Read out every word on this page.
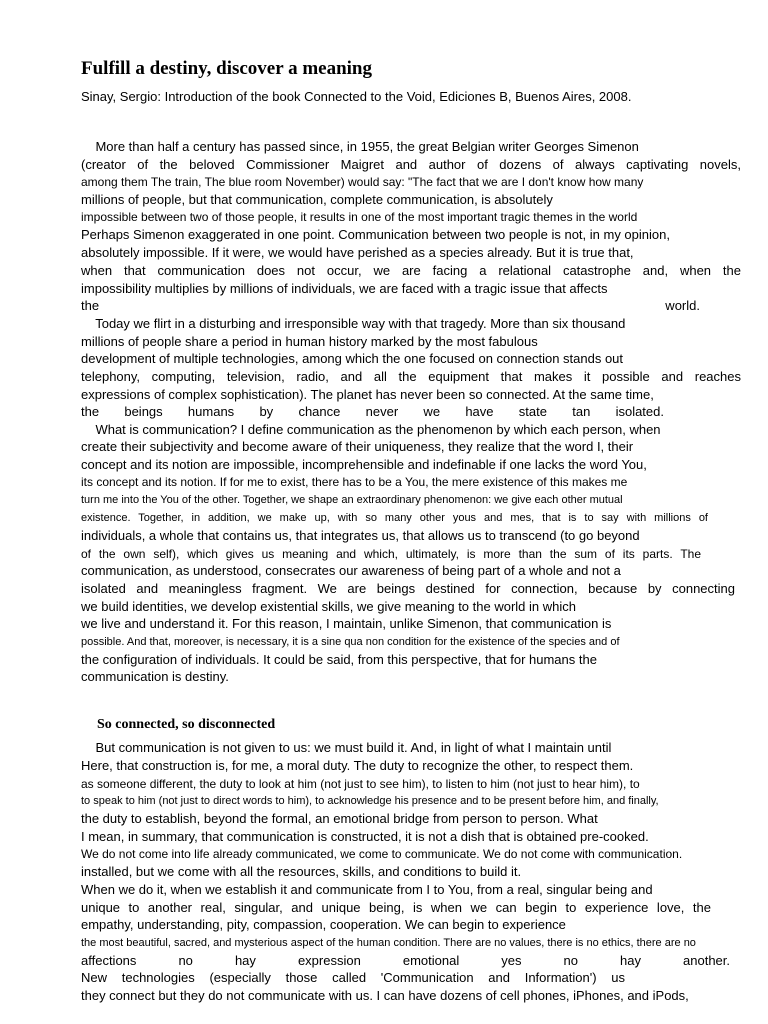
Fulfill a destiny, discover a meaning

Sinay, Sergio: Introduction of the book Connected to the Void, Ediciones B, Buenos Aires, 2008.

More than half a century has passed since, in 1955, the great Belgian writer Georges Simenon
(creator of the beloved Commissioner Maigret and author of dozens of always captivating novels,
among them The train, The blue room November) would say: "The fact that we are I don't know how many
millions of people, but that communication, complete communication, is absolutely
impossible between two of those people, it results in one of the most important tragic themes in the world
Perhaps Simenon exaggerated in one point. Communication between two people is not, in my opinion,
absolutely impossible. If it were, we would have perished as a species already. But it is true that,
when that communication does not occur, we are facing a relational catastrophe and, when the
impossibility multiplies by millions of individuals, we are faced with a tragic issue that affects
the world.
Today we flirt in a disturbing and irresponsible way with that tragedy. More than six thousand
millions of people share a period in human history marked by the most fabulous
development of multiple technologies, among which the one focused on connection stands out
telephony, computing, television, radio, and all the equipment that makes it possible and reaches
expressions of complex sophistication). The planet has never been so connected. At the same time,
the beings humans by chance never we have state tan isolated.
What is communication? I define communication as the phenomenon by which each person, when
create their subjectivity and become aware of their uniqueness, they realize that the word I, their
concept and its notion are impossible, incomprehensible and indefinable if one lacks the word You,
its concept and its notion. If for me to exist, there has to be a You, the mere existence of this makes me
turn me into the You of the other. Together, we shape an extraordinary phenomenon: we give each other mutual
existence. Together, in addition, we make up, with so many other yous and mes, that is to say with millions of
individuals, a whole that contains us, that integrates us, that allows us to transcend (to go beyond
of the own self), which gives us meaning and which, ultimately, is more than the sum of its parts. The
communication, as understood, consecrates our awareness of being part of a whole and not a
isolated and meaningless fragment. We are beings destined for connection, because by connecting
we build identities, we develop existential skills, we give meaning to the world in which
we live and understand it. For this reason, I maintain, unlike Simenon, that communication is
possible. And that, moreover, is necessary, it is a sine qua non condition for the existence of the species and of
the configuration of individuals. It could be said, from this perspective, that for humans the
communication is destiny.
So connected, so disconnected
But communication is not given to us: we must build it. And, in light of what I maintain until
Here, that construction is, for me, a moral duty. The duty to recognize the other, to respect them.
as someone different, the duty to look at him (not just to see him), to listen to him (not just to hear him), to
to speak to him (not just to direct words to him), to acknowledge his presence and to be present before him, and finally,
the duty to establish, beyond the formal, an emotional bridge from person to person. What
I mean, in summary, that communication is constructed, it is not a dish that is obtained pre-cooked.
We do not come into life already communicated, we come to communicate. We do not come with communication.
installed, but we come with all the resources, skills, and conditions to build it.
When we do it, when we establish it and communicate from I to You, from a real, singular being and
unique to another real, singular, and unique being, is when we can begin to experience love, the
empathy, understanding, pity, compassion, cooperation. We can begin to experience
the most beautiful, sacred, and mysterious aspect of the human condition. There are no values, there is no ethics, there are no
affections no hay expression emotional yes no hay another.
New technologies (especially those called 'Communication and Information') us
they connect but they do not communicate with us. I can have dozens of cell phones, iPhones, and iPods,
